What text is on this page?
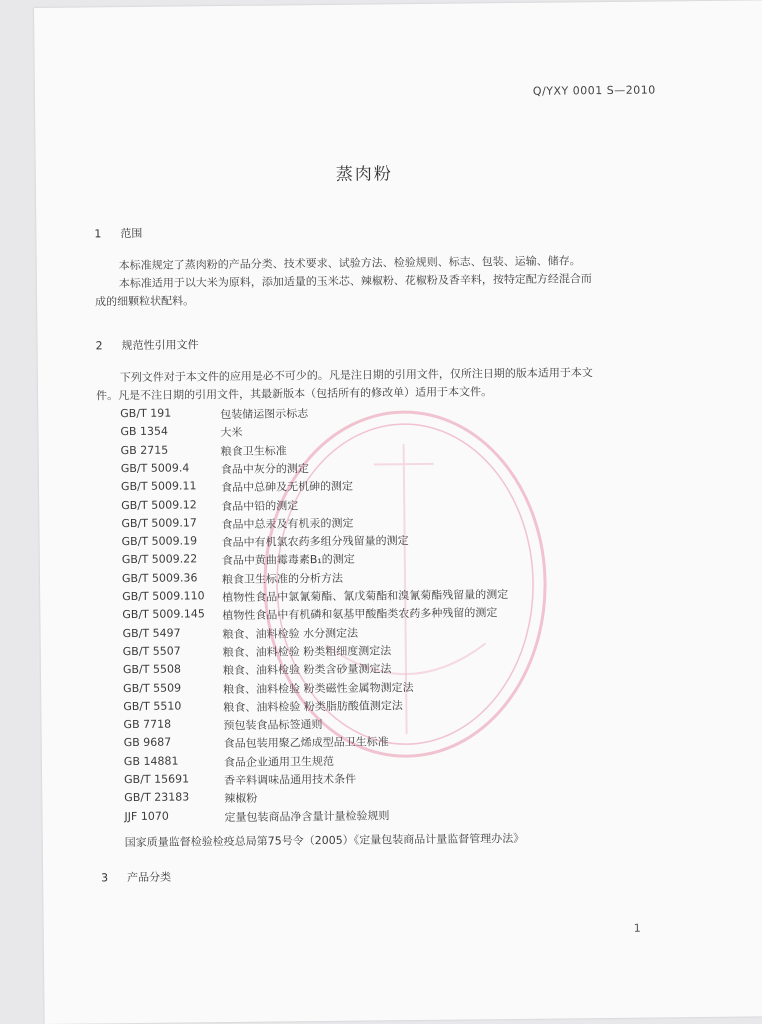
Q/YXY 0001 S—2010
蒸肉粉
1 范围
本标准规定了蒸肉粉的产品分类、技术要求、试验方法、检验规则、标志、包装、运输、储存。
本标准适用于以大米为原料，添加适量的玉米芯、辣椒粉、花椒粉及香辛料，按特定配方经混合而
成的细颗粒状配料。
2 规范性引用文件
下列文件对于本文件的应用是必不可少的。凡是注日期的引用文件，仅所注日期的版本适用于本文
件。凡是不注日期的引用文件，其最新版本（包括所有的修改单）适用于本文件。
GB/T 191	包装储运图示标志
GB 1354	大米
GB 2715	粮食卫生标准
GB/T 5009.4	食品中灰分的测定
GB/T 5009.11	食品中总砷及无机砷的测定
GB/T 5009.12	食品中铅的测定
GB/T 5009.17	食品中总汞及有机汞的测定
GB/T 5009.19	食品中有机氯农药多组分残留量的测定
GB/T 5009.22	食品中黄曲霉毒素B₁的测定
GB/T 5009.36	粮食卫生标准的分析方法
GB/T 5009.110	植物性食品中氯氰菊酯、氰戊菊酯和溴氰菊酯残留量的测定
GB/T 5009.145	植物性食品中有机磷和氨基甲酸酯类农药多种残留的测定
GB/T 5497	粮食、油料检验 水分测定法
GB/T 5507	粮食、油料检验 粉类粗细度测定法
GB/T 5508	粮食、油料检验 粉类含砂量测定法
GB/T 5509	粮食、油料检验 粉类磁性金属物测定法
GB/T 5510	粮食、油料检验 粉类脂肪酸值测定法
GB 7718	预包装食品标签通则
GB 9687	食品包装用聚乙烯成型品卫生标准
GB 14881	食品企业通用卫生规范
GB/T 15691	香辛料调味品通用技术条件
GB/T 23183	辣椒粉
JJF 1070	定量包装商品净含量计量检验规则
国家质量监督检验检疫总局第75号令（2005）《定量包装商品计量监督管理办法》
3 产品分类
1
